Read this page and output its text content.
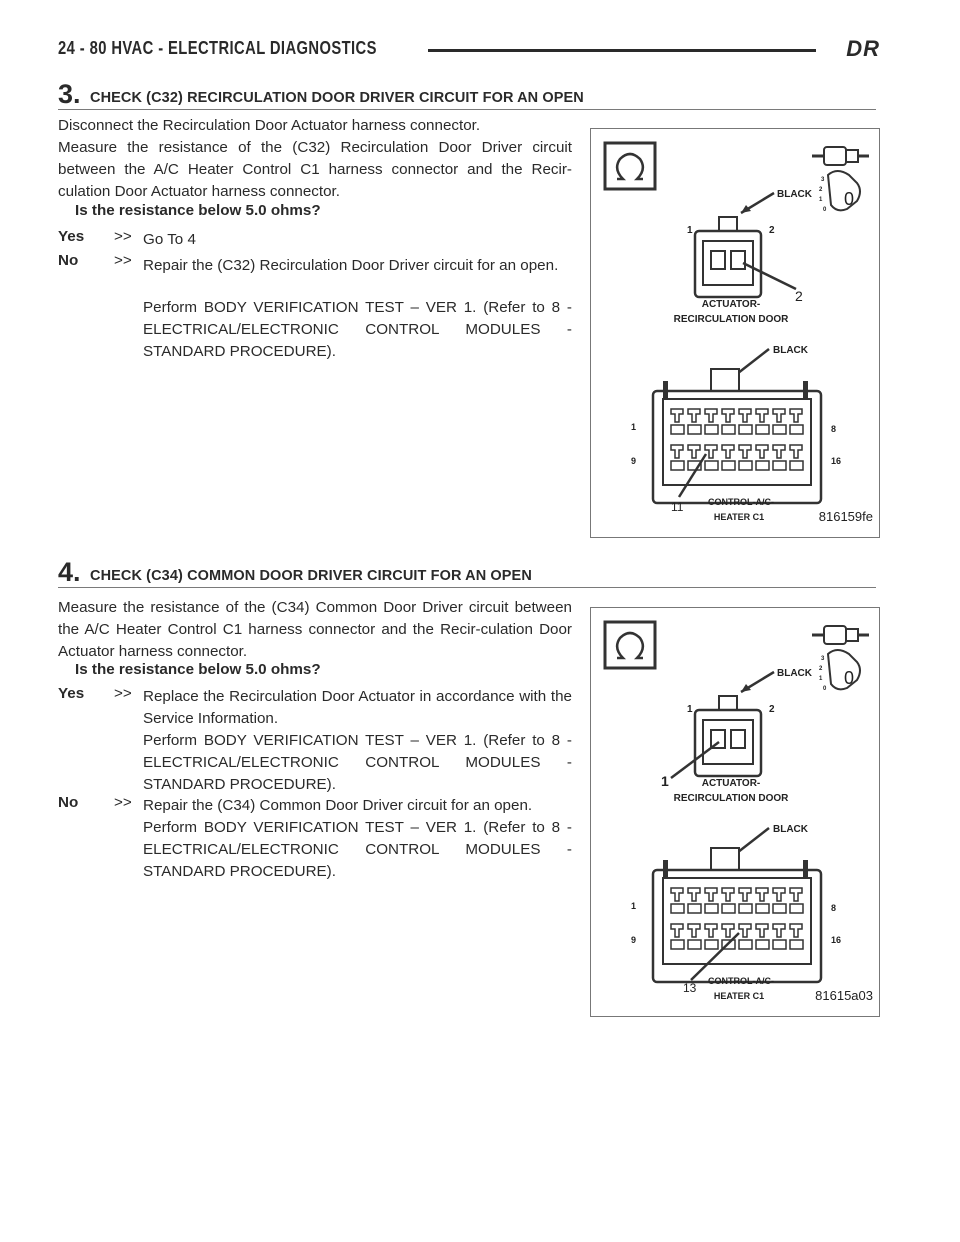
24 - 80 HVAC - ELECTRICAL DIAGNOSTICS	DR
3. CHECK (C32) RECIRCULATION DOOR DRIVER CIRCUIT FOR AN OPEN
Disconnect the Recirculation Door Actuator harness connector.
Measure the resistance of the (C32) Recirculation Door Driver circuit between the A/C Heater Control C1 harness connector and the Recir-culation Door Actuator harness connector.
Is the resistance below 5.0 ohms?
Yes >> Go To 4
No >> Repair the (C32) Recirculation Door Driver circuit for an open.
Perform BODY VERIFICATION TEST – VER 1. (Refer to 8 - ELECTRICAL/ELECTRONIC CONTROL MODULES - STANDARD PROCEDURE).
3
2
1
0
0
BLACK
1	2
2
ACTUATOR-
RECIRCULATION DOOR
BLACK
1	8
9	16
11	CONTROL-A/C-
HEATER C1	816159fe
4. CHECK (C34) COMMON DOOR DRIVER CIRCUIT FOR AN OPEN
Measure the resistance of the (C34) Common Door Driver circuit between the A/C Heater Control C1 harness connector and the Recir-culation Door Actuator harness connector.
Is the resistance below 5.0 ohms?
Yes >> Replace the Recirculation Door Actuator in accordance with the Service Information.
Perform BODY VERIFICATION TEST – VER 1. (Refer to 8 - ELECTRICAL/ELECTRONIC CONTROL MODULES - STANDARD PROCEDURE).
No >> Repair the (C34) Common Door Driver circuit for an open.
Perform BODY VERIFICATION TEST – VER 1. (Refer to 8 - ELECTRICAL/ELECTRONIC CONTROL MODULES - STANDARD PROCEDURE).
3
2
1
0
0
BLACK
1	2
1	ACTUATOR-
RECIRCULATION DOOR
BLACK
1	8
9	16
13 CONTROL-A/C-
HEATER C1	81615a03
